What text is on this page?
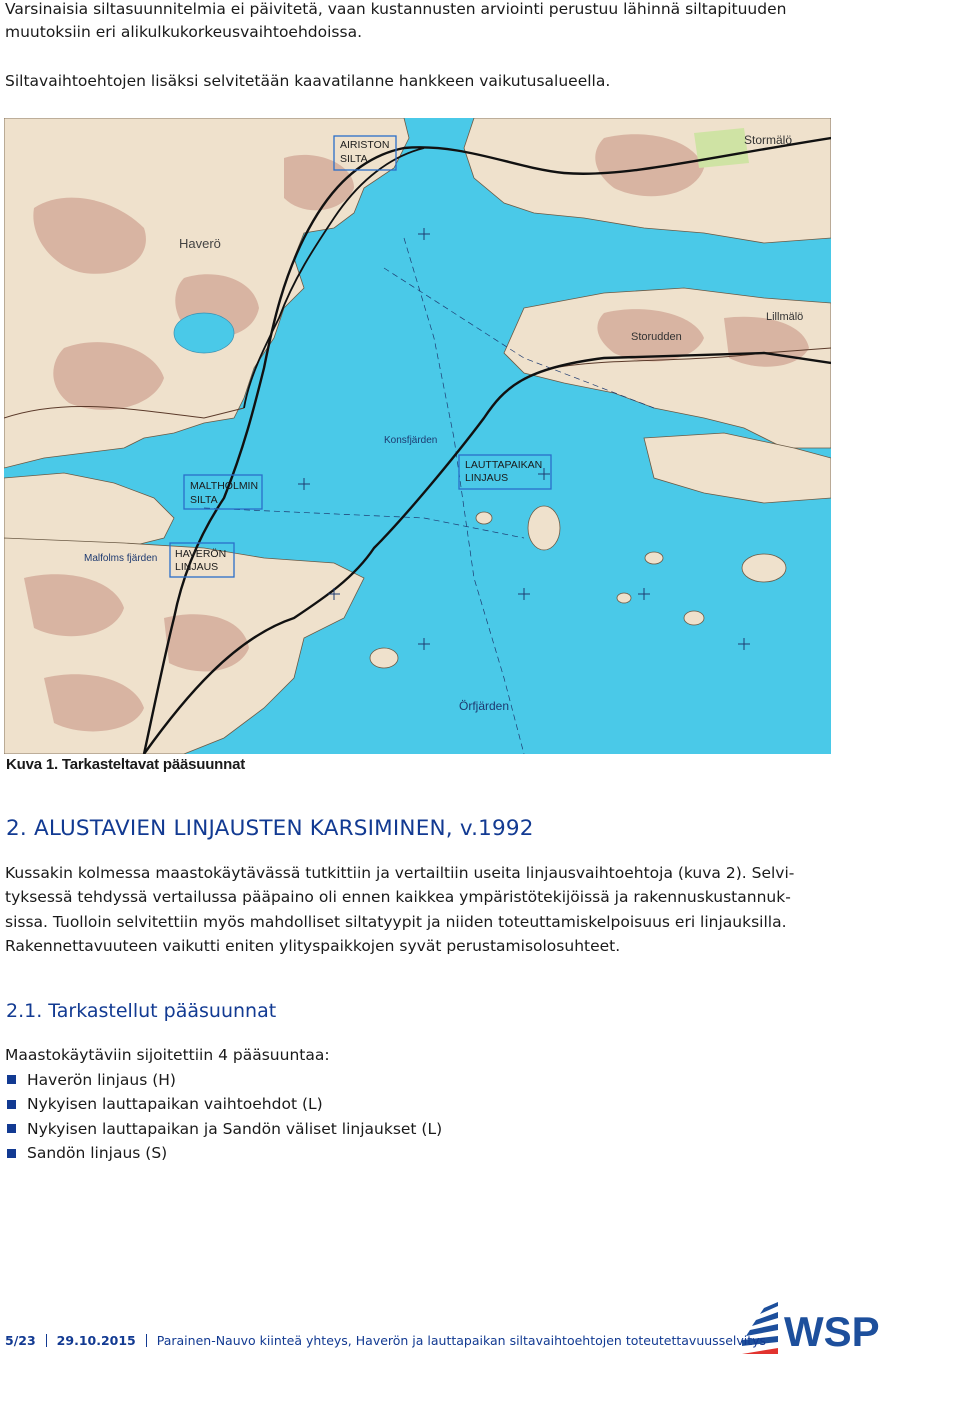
Varsinaisia siltasuunnitelmia ei päivitetä, vaan kustannusten arviointi perustuu lähinnä siltapituuden

muutoksiin eri alikulkukorkeusvaihtoehdoissa.

Siltavaihtoehtojen lisäksi selvitetään kaavatilanne hankkeen vaikutusalueella.

AIRISTON
SILTA
LAUTTAPAIKAN
LINJAUS
MALTHOLMIN
SILTA
HAVERÖN
LINJAUS
Haverö
Stormälö
Lillmälö
Storudden
Konsfjärden
Örfjärden
Malfolms fjärden
Kuva 1. Tarkasteltavat pääsuunnat
2. ALUSTAVIEN LINJAUSTEN KARSIMINEN, v.1992

Kussakin kolmessa maastokäytävässä tutkittiin ja vertailtiin useita linjausvaihtoehtoja (kuva 2). Selvi-

tyksessä tehdyssä vertailussa pääpaino oli ennen kaikkea ympäristötekijöissä ja rakennuskustannuk-

sissa. Tuolloin selvitettiin myös mahdolliset siltatyypit ja niiden toteuttamiskelpoisuus eri linjauksilla.

Rakennettavuuteen vaikutti eniten ylityspaikkojen syvät perustamisolosuhteet.

2.1. Tarkastellut pääsuunnat
Maastokäytäviin sijoitettiin 4 pääsuuntaa:
Haverön linjaus (H)
Nykyisen lauttapaikan vaihtoehdot (L)
Nykyisen lauttapaikan ja Sandön väliset linjaukset (L)
Sandön linjaus (S)
WSP
5/23 29.10.2015 Parainen-Nauvo kiinteä yhteys, Haverön ja lauttapaikan siltavaihtoehtojen toteutettavuusselvitys
